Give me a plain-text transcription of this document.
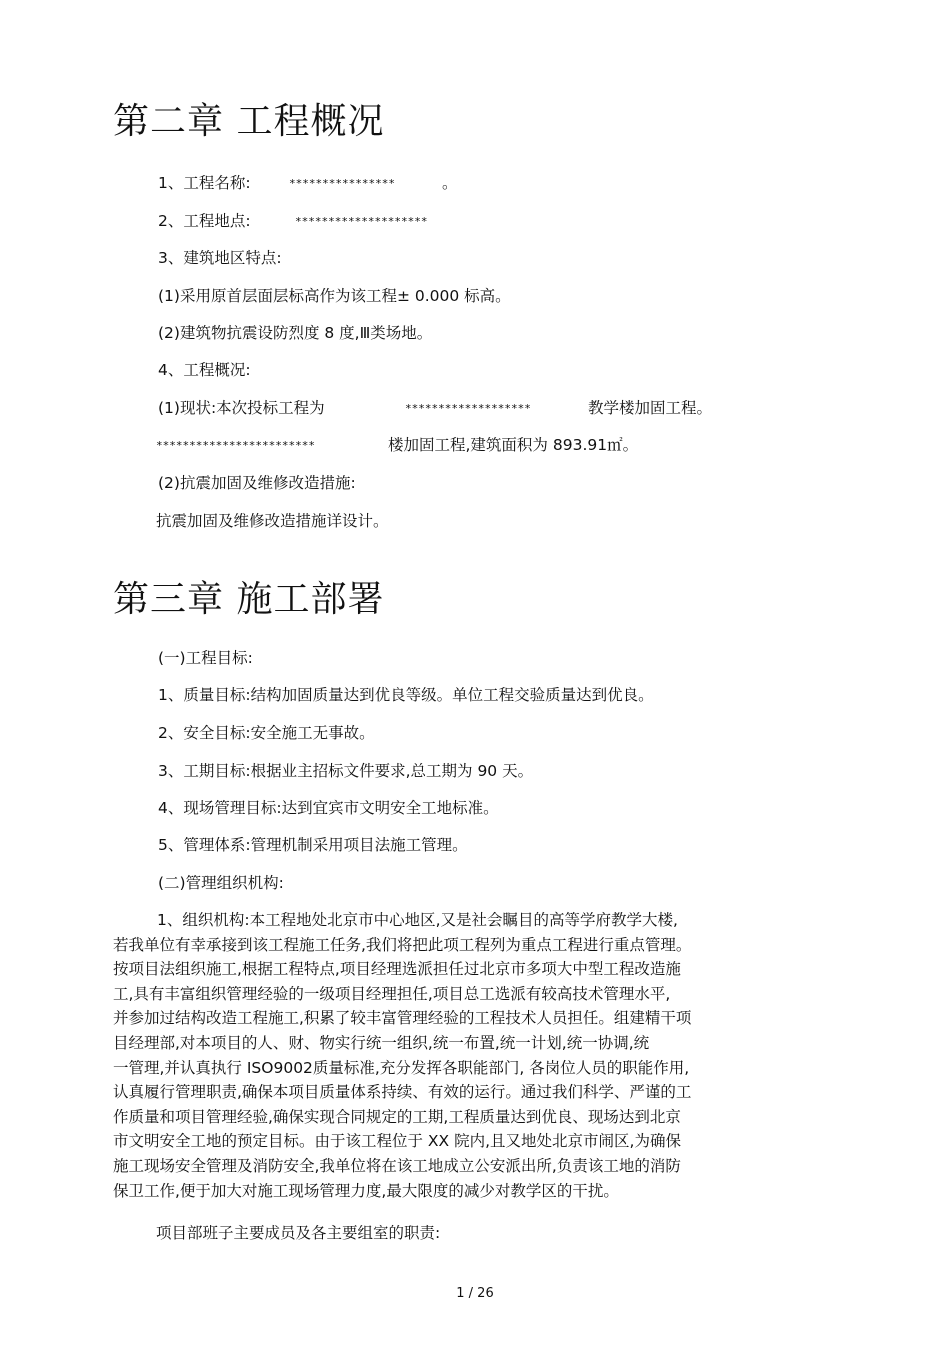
第二章 工程概况
1、工程名称:	****************	。
2、工程地点:	********************
3、建筑地区特点:
(1)采用原首层面层标高作为该工程± 0.000 标高。
(2)建筑物抗震设防烈度 8 度,Ⅲ类场地。
4、工程概况:
(1)现状:本次投标工程为	*******************	教学楼加固工程。
************************	楼加固工程,建筑面积为 893.91㎡。
(2)抗震加固及维修改造措施:
抗震加固及维修改造措施详设计。
第三章 施工部署
(一)工程目标:
1、质量目标:结构加固质量达到优良等级。单位工程交验质量达到优良。
2、安全目标:安全施工无事故。
3、工期目标:根据业主招标文件要求,总工期为 90 天。
4、现场管理目标:达到宜宾市文明安全工地标准。
5、管理体系:管理机制采用项目法施工管理。
(二)管理组织机构:
1、组织机构:本工程地处北京市中心地区,又是社会瞩目的高等学府教学大楼,
若我单位有幸承接到该工程施工任务,我们将把此项工程列为重点工程进行重点管理。
按项目法组织施工,根据工程特点,项目经理选派担任过北京市多项大中型工程改造施
工,具有丰富组织管理经验的一级项目经理担任,项目总工选派有较高技术管理水平,
并参加过结构改造工程施工,积累了较丰富管理经验的工程技术人员担任。组建精干项
目经理部,对本项目的人、财、物实行统一组织,统一布置,统一计划,统一协调,统
一管理,并认真执行 ISO9002质量标准,充分发挥各职能部门, 各岗位人员的职能作用,
认真履行管理职责,确保本项目质量体系持续、有效的运行。通过我们科学、严谨的工
作质量和项目管理经验,确保实现合同规定的工期,工程质量达到优良、现场达到北京
市文明安全工地的预定目标。由于该工程位于 XX 院内,且又地处北京市闹区,为确保
施工现场安全管理及消防安全,我单位将在该工地成立公安派出所,负责该工地的消防
保卫工作,便于加大对施工现场管理力度,最大限度的减少对教学区的干扰。
项目部班子主要成员及各主要组室的职责:
1 / 26
